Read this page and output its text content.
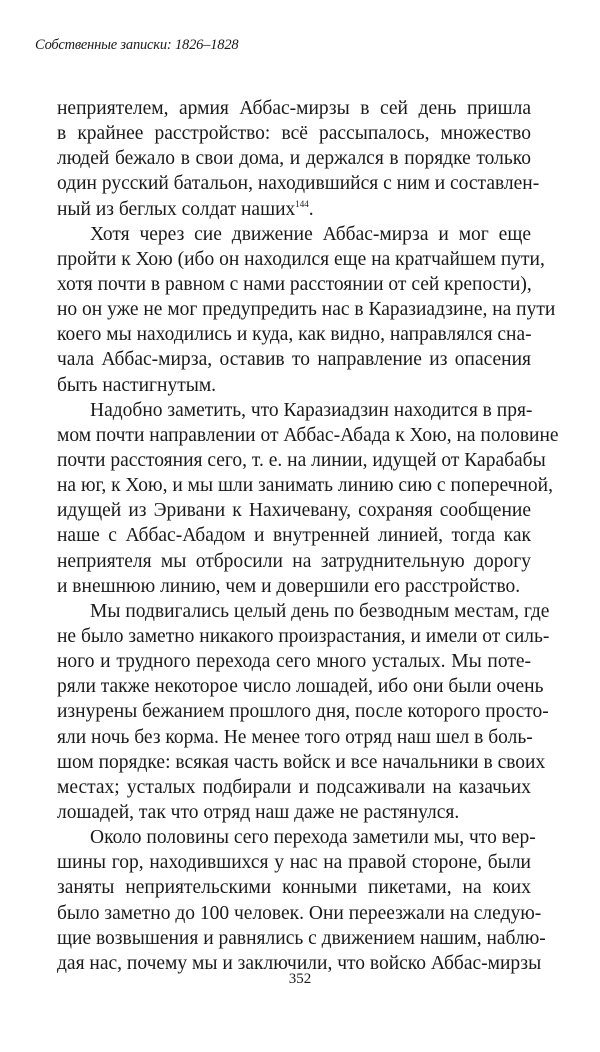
Собственные записки: 1826–1828
неприятелем, армия Аббас-мирзы в сей день пришла
в крайнее расстройство: всё рассыпалось, множество
людей бежало в свои дома, и держался в порядке только
один русский батальон, находившийся с ним и составлен-
ный из беглых солдат наших$^{144}$.
Хотя через сие движение Аббас-мирза и мог еще
пройти к Хою (ибо он находился еще на кратчайшем пути,
хотя почти в равном с нами расстоянии от сей крепости),
но он уже не мог предупредить нас в Каразиадзине, на пути
коего мы находились и куда, как видно, направлялся сна-
чала Аббас-мирза, оставив то направление из опасения
быть настигнутым.
Надобно заметить, что Каразиадзин находится в пря-
мом почти направлении от Аббас-Абада к Хою, на половине
почти расстояния сего, т. е. на линии, идущей от Карабабы
на юг, к Хою, и мы шли занимать линию сию с поперечной,
идущей из Эривани к Нахичевану, сохраняя сообщение
наше с Аббас-Абадом и внутренней линией, тогда как
неприятеля мы отбросили на затруднительную дорогу
и внешнюю линию, чем и довершили его расстройство.
Мы подвигались целый день по безводным местам, где
не было заметно никакого произрастания, и имели от силь-
ного и трудного перехода сего много усталых. Мы поте-
ряли также некоторое число лошадей, ибо они были очень
изнурены бежанием прошлого дня, после которого просто-
яли ночь без корма. Не менее того отряд наш шел в боль-
шом порядке: всякая часть войск и все начальники в своих
местах; усталых подбирали и подсаживали на казачьих
лошадей, так что отряд наш даже не растянулся.
Около половины сего перехода заметили мы, что вер-
шины гор, находившихся у нас на правой стороне, были
заняты неприятельскими конными пикетами, на коих
было заметно до 100 человек. Они переезжали на следую-
щие возвышения и равнялись с движением нашим, наблю-
дая нас, почему мы и заключили, что войско Аббас-мирзы
352
